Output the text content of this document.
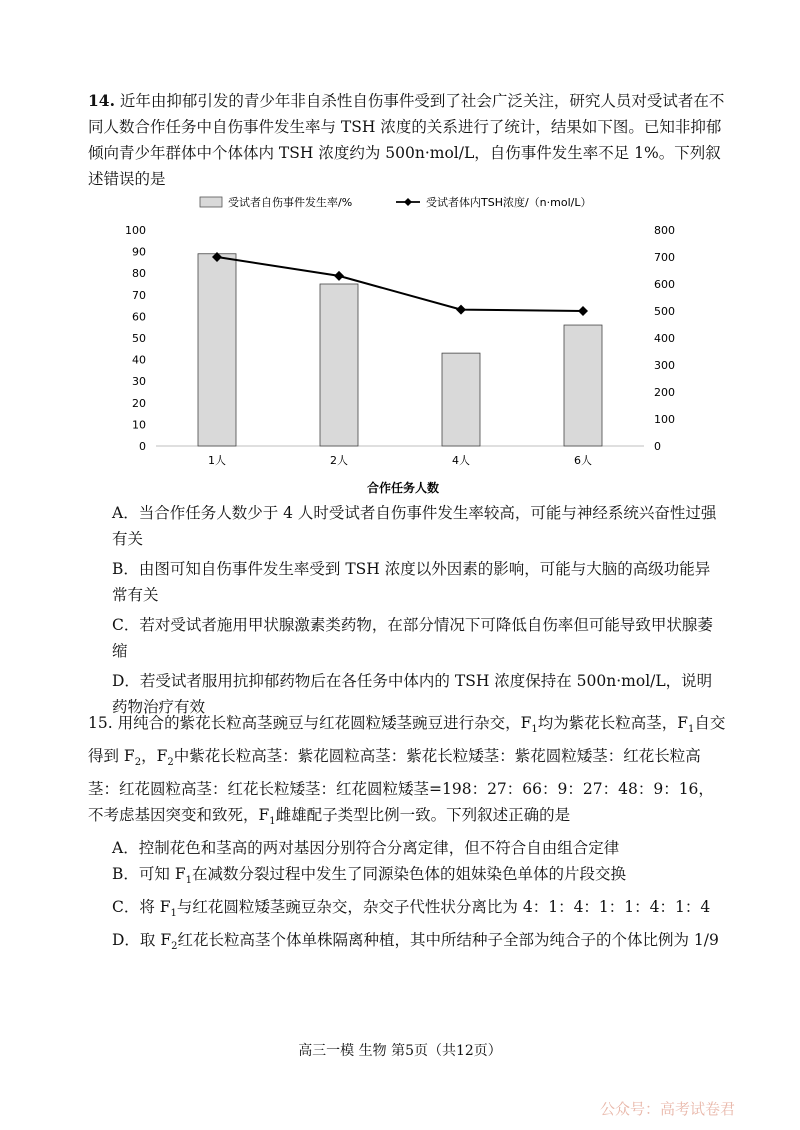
14. 近年由抑郁引发的青少年非自杀性自伤事件受到了社会广泛关注，研究人员对受试者在不同人数合作任务中自伤事件发生率与 TSH 浓度的关系进行了统计，结果如下图。已知非抑郁倾向青少年群体中个体体内 TSH 浓度约为 500n·mol/L，自伤事件发生率不足 1%。下列叙述错误的是
受试者自伤事件发生率/%	受试者体内TSH浓度/（n·mol/L）
0
10
20
30
40
50
60
70
80
90
100
0
100
200
300
400
500
600
700
800
1人	2人	4人	6人
合作任务人数
A．当合作任务人数少于 4 人时受试者自伤事件发生率较高，可能与神经系统兴奋性过强有关
B．由图可知自伤事件发生率受到 TSH 浓度以外因素的影响，可能与大脑的高级功能异常有关
C．若对受试者施用甲状腺激素类药物，在部分情况下可降低自伤率但可能导致甲状腺萎缩
D．若受试者服用抗抑郁药物后在各任务中体内的 TSH 浓度保持在 500n·mol/L，说明药物治疗有效
15. 用纯合的紫花长粒高茎豌豆与红花圆粒矮茎豌豆进行杂交，$F_1$均为紫花长粒高茎，$F_1$自交得到 $F_2$，$F_2$中紫花长粒高茎：紫花圆粒高茎：紫花长粒矮茎：紫花圆粒矮茎：红花长粒高茎：红花圆粒高茎：红花长粒矮茎：红花圆粒矮茎=198：27：66：9：27：48：9：16，不考虑基因突变和致死，$F_1$雌雄配子类型比例一致。下列叙述正确的是
A．控制花色和茎高的两对基因分别符合分离定律，但不符合自由组合定律
B．可知 $F_1$在减数分裂过程中发生了同源染色体的姐妹染色单体的片段交换
C．将 $F_1$与红花圆粒矮茎豌豆杂交，杂交子代性状分离比为 4：1：4：1：1：4：1：4
D．取 $F_2$红花长粒高茎个体单株隔离种植，其中所结种子全部为纯合子的个体比例为 1/9
高三一模 生物 第5页（共12页）
公众号：高考试卷君
